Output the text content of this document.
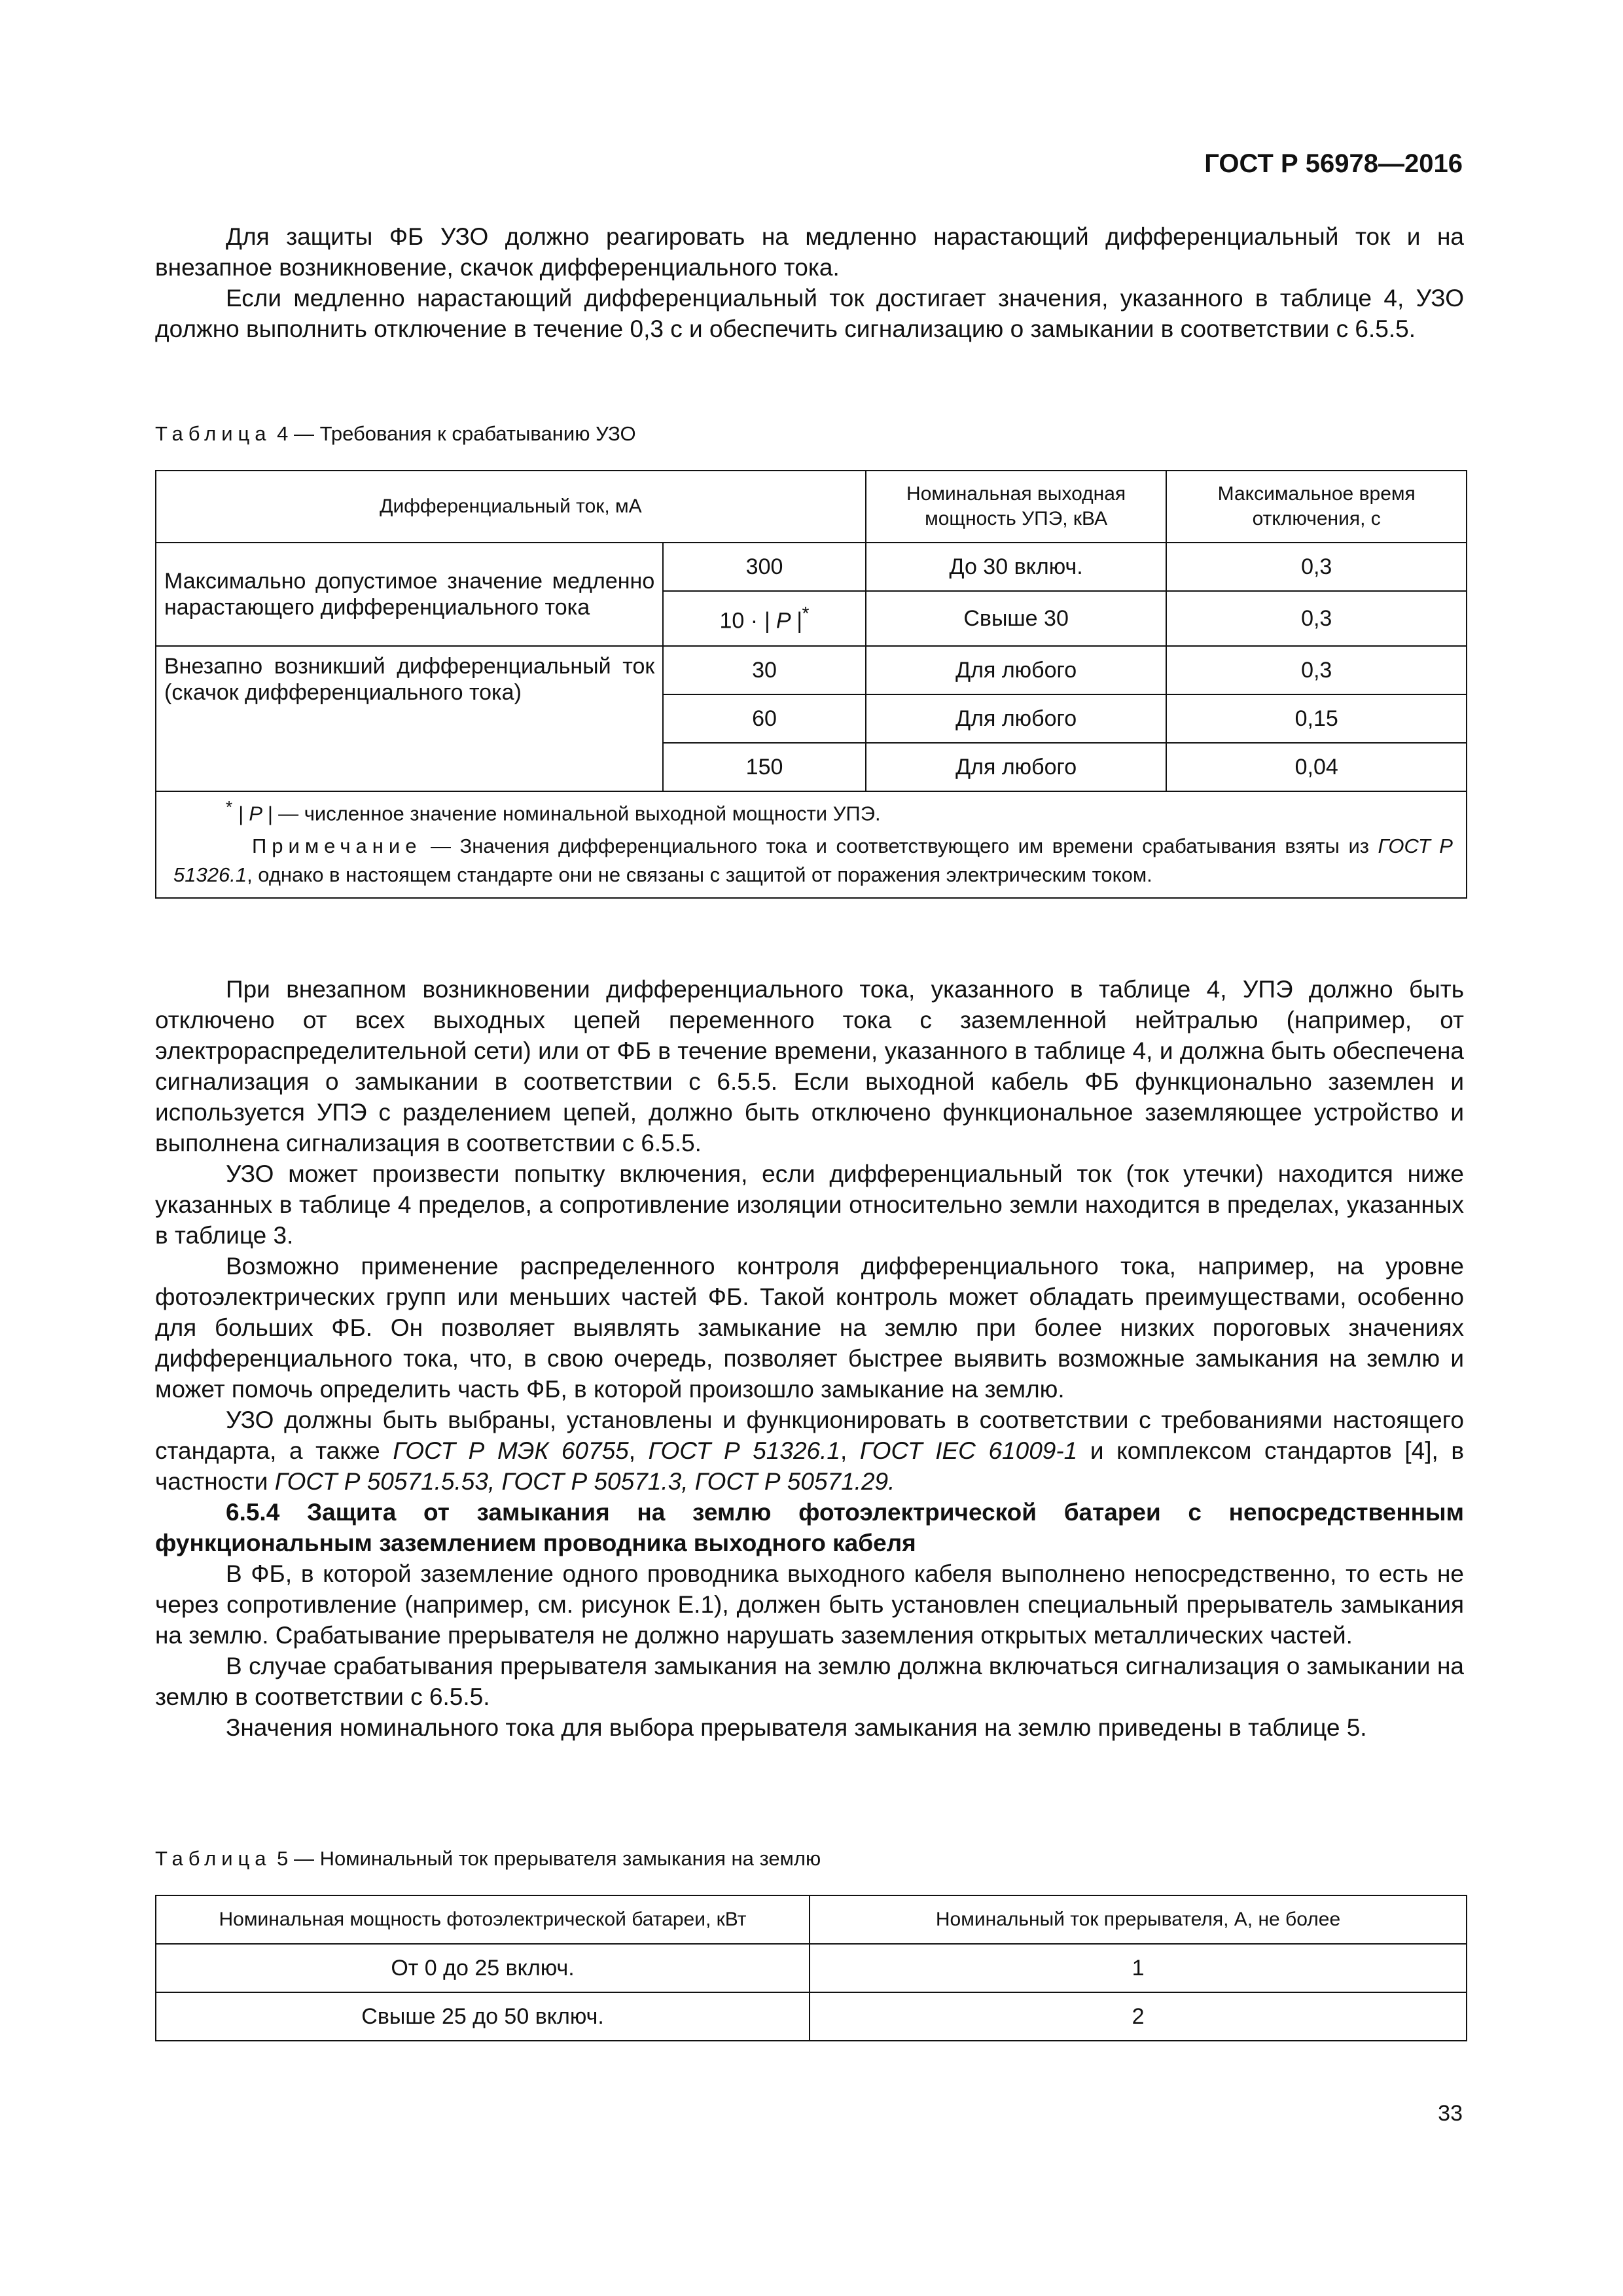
ГОСТ Р 56978—2016

Для защиты ФБ УЗО должно реагировать на медленно нарастающий дифференциальный ток и на внезапное возникновение, скачок дифференциального тока.

Если медленно нарастающий дифференциальный ток достигает значения, указанного в таблице 4, УЗО должно выполнить отключение в течение 0,3 с и обеспечить сигнализацию о замыкании в соответствии с 6.5.5.

Таблица 4 — Требования к срабатыванию УЗО
Дифференциальный ток, мА		Номинальная выходная мощность УПЭ, кВА	Максимальное время отключения, с
Максимально допустимое значение медленно нарастающего дифференциального тока	300	До 30 включ.	0,3
	10 · | P |*	Свыше 30	0,3
Внезапно возникший дифференциальный ток (скачок дифференциального тока)	30	Для любого	0,3
	60	Для любого	0,15
	150	Для любого	0,04

* | P | — численное значение номинальной выходной мощности УПЭ.
Примечание — Значения дифференциального тока и соответствующего им времени срабатывания взяты из ГОСТ Р 51326.1, однако в настоящем стандарте они не связаны с защитой от поражения электрическим током.			

При внезапном возникновении дифференциального тока, указанного в таблице 4, УПЭ должно быть отключено от всех выходных цепей переменного тока с заземленной нейтралью (например, от электрораспределительной сети) или от ФБ в течение времени, указанного в таблице 4, и должна быть обеспечена сигнализация о замыкании в соответствии с 6.5.5. Если выходной кабель ФБ функционально заземлен и используется УПЭ с разделением цепей, должно быть отключено функциональное заземляющее устройство и выполнена сигнализация в соответствии с 6.5.5.

УЗО может произвести попытку включения, если дифференциальный ток (ток утечки) находится ниже указанных в таблице 4 пределов, а сопротивление изоляции относительно земли находится в пределах, указанных в таблице 3.

Возможно применение распределенного контроля дифференциального тока, например, на уровне фотоэлектрических групп или меньших частей ФБ. Такой контроль может обладать преимуществами, особенно для больших ФБ. Он позволяет выявлять замыкание на землю при более низких пороговых значениях дифференциального тока, что, в свою очередь, позволяет быстрее выявить возможные замыкания на землю и может помочь определить часть ФБ, в которой произошло замыкание на землю.

УЗО должны быть выбраны, установлены и функционировать в соответствии с требованиями настоящего стандарта, а также ГОСТ Р МЭК 60755, ГОСТ Р 51326.1, ГОСТ IEC 61009-1 и комплексом стандартов [4], в частности ГОСТ Р 50571.5.53, ГОСТ Р 50571.3, ГОСТ Р 50571.29.

6.5.4 Защита от замыкания на землю фотоэлектрической батареи с непосредственным функциональным заземлением проводника выходного кабеля

В ФБ, в которой заземление одного проводника выходного кабеля выполнено непосредственно, то есть не через сопротивление (например, см. рисунок Е.1), должен быть установлен специальный прерыватель замыкания на землю. Срабатывание прерывателя не должно нарушать заземления открытых металлических частей.

В случае срабатывания прерывателя замыкания на землю должна включаться сигнализация о замыкании на землю в соответствии с 6.5.5.

Значения номинального тока для выбора прерывателя замыкания на землю приведены в таблице 5.

Таблица 5 — Номинальный ток прерывателя замыкания на землю
Номинальная мощность фотоэлектрической батареи, кВт	Номинальный ток прерывателя, А, не более
От 0 до 25 включ.	1
Свыше 25 до 50 включ.	2
33
